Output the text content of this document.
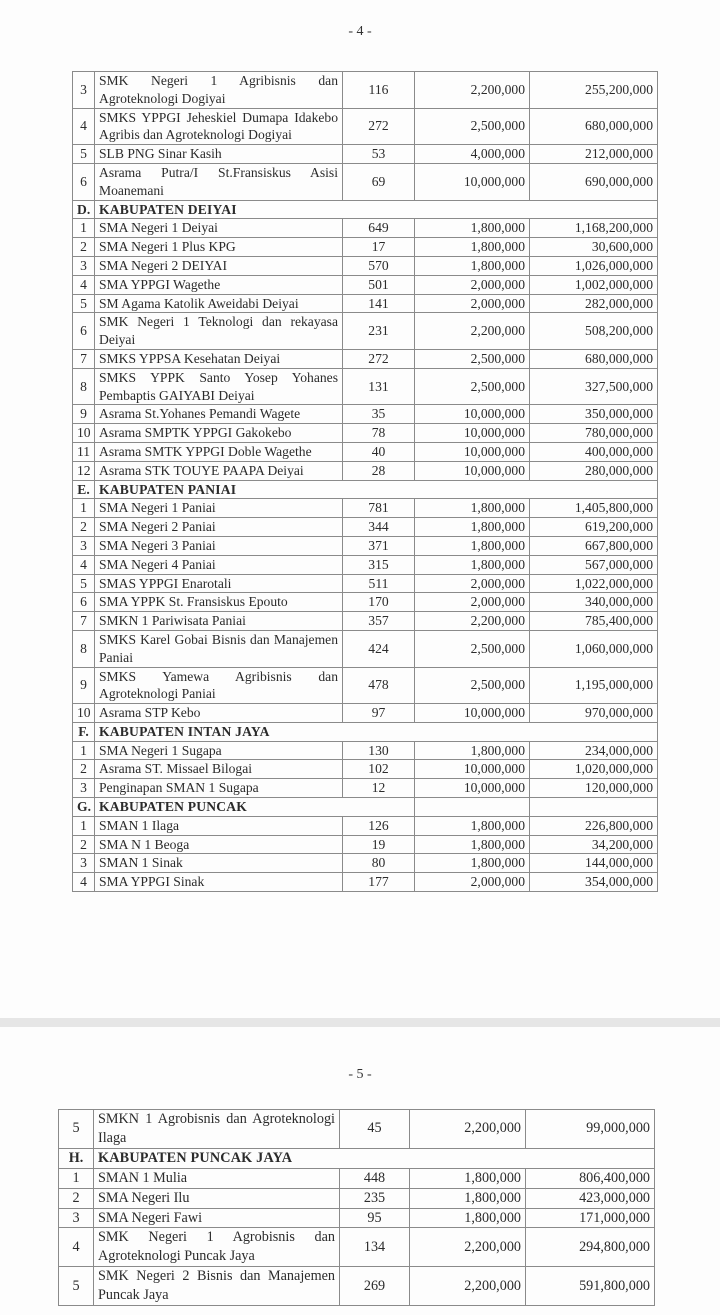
- 4 -
3	SMK Negeri 1 Agribisnis dan Agroteknologi Dogiyai	116	2,200,000	255,200,000
4	SMKS YPPGI Jeheskiel Dumapa Idakebo Agribis dan Agroteknologi Dogiyai	272	2,500,000	680,000,000
5	SLB PNG Sinar Kasih	53	4,000,000	212,000,000
6	Asrama Putra/I St.Fransiskus Asisi Moanemani	69	10,000,000	690,000,000
D.	KABUPATEN DEIYAI			
1	SMA Negeri 1 Deiyai	649	1,800,000	1,168,200,000
2	SMA Negeri 1 Plus KPG	17	1,800,000	30,600,000
3	SMA Negeri 2 DEIYAI	570	1,800,000	1,026,000,000
4	SMA YPPGI Wagethe	501	2,000,000	1,002,000,000
5	SM Agama Katolik Aweidabi Deiyai	141	2,000,000	282,000,000
6	SMK Negeri 1 Teknologi dan rekayasa Deiyai	231	2,200,000	508,200,000
7	SMKS YPPSA Kesehatan Deiyai	272	2,500,000	680,000,000
8	SMKS YPPK Santo Yosep Yohanes Pembaptis GAIYABI Deiyai	131	2,500,000	327,500,000
9	Asrama St.Yohanes Pemandi Wagete	35	10,000,000	350,000,000
10	Asrama SMPTK YPPGI Gakokebo	78	10,000,000	780,000,000
11	Asrama SMTK YPPGI Doble Wagethe	40	10,000,000	400,000,000
12	Asrama STK TOUYE PAAPA Deiyai	28	10,000,000	280,000,000
E.	KABUPATEN PANIAI			
1	SMA Negeri 1 Paniai	781	1,800,000	1,405,800,000
2	SMA Negeri 2 Paniai	344	1,800,000	619,200,000
3	SMA Negeri 3 Paniai	371	1,800,000	667,800,000
4	SMA Negeri 4 Paniai	315	1,800,000	567,000,000
5	SMAS YPPGI Enarotali	511	2,000,000	1,022,000,000
6	SMA YPPK St. Fransiskus Epouto	170	2,000,000	340,000,000
7	SMKN 1 Pariwisata Paniai	357	2,200,000	785,400,000
8	SMKS Karel Gobai Bisnis dan Manajemen Paniai	424	2,500,000	1,060,000,000
9	SMKS Yamewa Agribisnis dan Agroteknologi Paniai	478	2,500,000	1,195,000,000
10	Asrama STP Kebo	97	10,000,000	970,000,000
F.	KABUPATEN INTAN JAYA			
1	SMA Negeri 1 Sugapa	130	1,800,000	234,000,000
2	Asrama ST. Missael Bilogai	102	10,000,000	1,020,000,000
3	Penginapan SMAN 1 Sugapa	12	10,000,000	120,000,000
G.	KABUPATEN PUNCAK			
1	SMAN 1 Ilaga	126	1,800,000	226,800,000
2	SMA N 1 Beoga	19	1,800,000	34,200,000
3	SMAN 1 Sinak	80	1,800,000	144,000,000
4	SMA YPPGI Sinak	177	2,000,000	354,000,000
- 5 -
5	SMKN 1 Agrobisnis dan Agroteknologi Ilaga	45	2,200,000	99,000,000
H.	KABUPATEN PUNCAK JAYA			
1	SMAN 1 Mulia	448	1,800,000	806,400,000
2	SMA Negeri Ilu	235	1,800,000	423,000,000
3	SMA Negeri Fawi	95	1,800,000	171,000,000
4	SMK Negeri 1 Agrobisnis dan Agroteknologi Puncak Jaya	134	2,200,000	294,800,000
5	SMK Negeri 2 Bisnis dan Manajemen Puncak Jaya	269	2,200,000	591,800,000
